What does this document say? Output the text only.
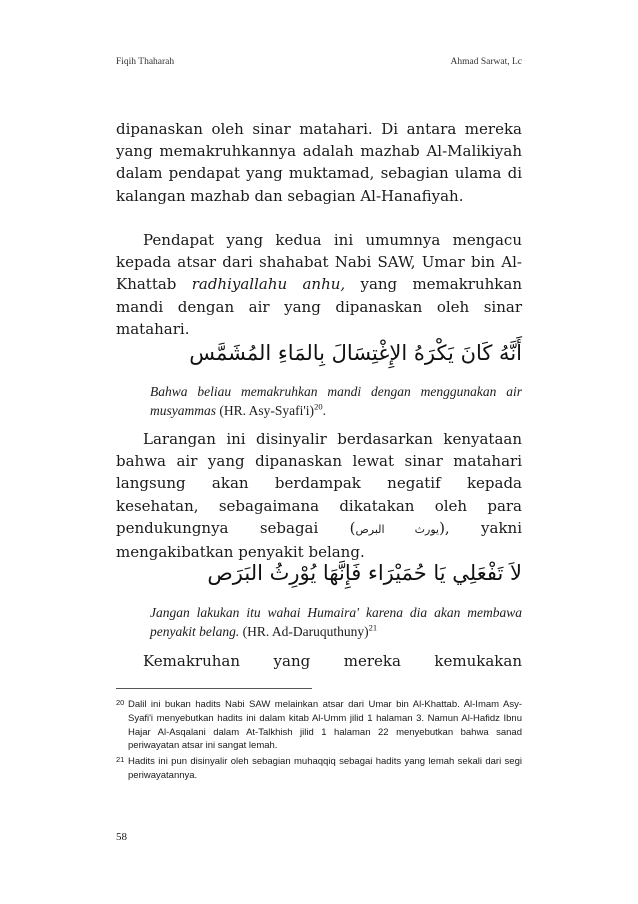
Fiqih Thaharah	Ahmad Sarwat, Lc

dipanaskan oleh sinar matahari. Di antara mereka yang memakruhkannya adalah mazhab Al-Malikiyah dalam pendapat yang muktamad, sebagian ulama di kalangan mazhab dan sebagian Al-Hanafiyah.

Pendapat yang kedua ini umumnya mengacu kepada atsar dari shahabat Nabi SAW, Umar bin Al-Khattab radhiyallahu anhu, yang memakruhkan mandi dengan air yang dipanaskan oleh sinar matahari.

أَنَّهُ كَانَ يَكْرَهُ الإِغْتِسَالَ بِالمَاءِ المُشَمَّس

Bahwa beliau memakruhkan mandi dengan menggunakan air musyammas (HR. Asy-Syafi'i)$^{20}$.

Larangan ini disinyalir berdasarkan kenyataan bahwa air yang dipanaskan lewat sinar matahari langsung akan berdampak negatif kepada kesehatan, sebagaimana dikatakan oleh para pendukungnya sebagai (يورث البرص), yakni mengakibatkan penyakit belang.

لاَ تَفْعَلِي يَا حُمَيْرَاء فَإِنَّهَا يُوْرِثُ البَرَص

Jangan lakukan itu wahai Humaira' karena dia akan membawa penyakit belang. (HR. Ad-Daruquthuny)$^{21}$

Kemakruhan yang mereka kemukakan

20 Dalil ini bukan hadits Nabi SAW melainkan atsar dari Umar bin Al-Khattab. Al-Imam Asy-Syafi'i menyebutkan hadits ini dalam kitab Al-Umm jilid 1 halaman 3. Namun Al-Hafidz Ibnu Hajar Al-Asqalani dalam At-Talkhish jilid 1 halaman 22 menyebutkan bahwa sanad periwayatan atsar ini sangat lemah.

21 Hadits ini pun disinyalir oleh sebagian muhaqqiq sebagai hadits yang lemah sekali dari segi periwayatannya.

58
